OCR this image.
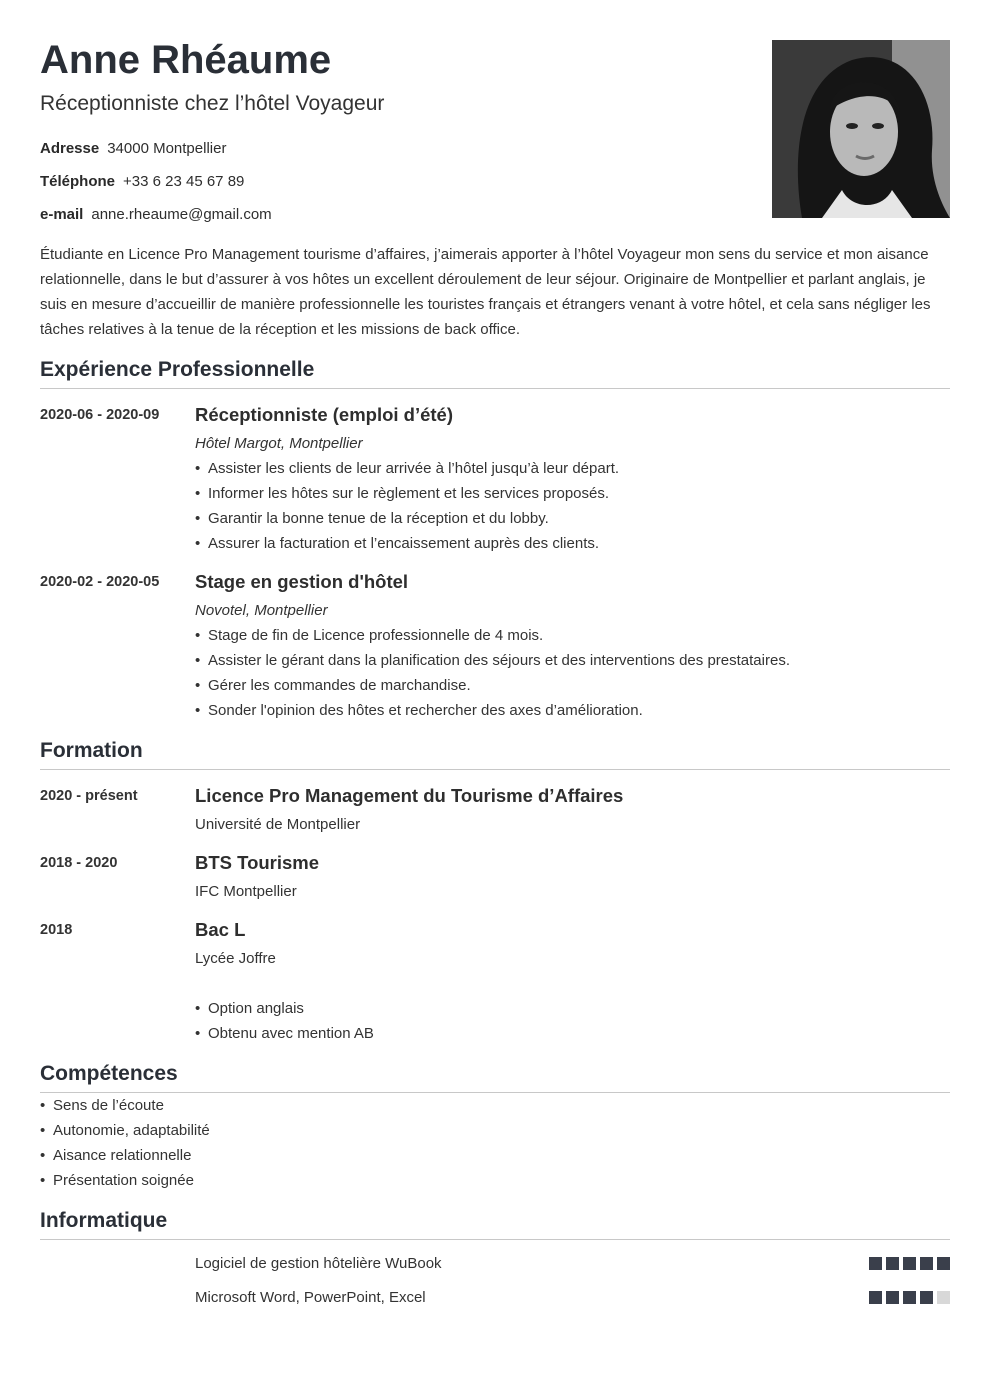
Anne Rhéaume
Réceptionniste chez l’hôtel Voyageur
Adresse 34000 Montpellier
Téléphone +33 6 23 45 67 89
e-mail anne.rheaume@gmail.com
Étudiante en Licence Pro Management tourisme d’affaires, j’aimerais apporter à l’hôtel Voyageur mon sens du service et mon aisance relationnelle, dans le but d’assurer à vos hôtes un excellent déroulement de leur séjour. Originaire de Montpellier et parlant anglais, je suis en mesure d’accueillir de manière professionnelle les touristes français et étrangers venant à votre hôtel, et cela sans négliger les tâches relatives à la tenue de la réception et les missions de back office.
Expérience Professionnelle
2020-06 - 2020-09	Réceptionniste (emploi d’été)
Hôtel Margot, Montpellier
• Assister les clients de leur arrivée à l’hôtel jusqu’à leur départ.
• Informer les hôtes sur le règlement et les services proposés.
• Garantir la bonne tenue de la réception et du lobby.
• Assurer la facturation et l’encaissement auprès des clients.
2020-02 - 2020-05	Stage en gestion d'hôtel
Novotel, Montpellier
• Stage de fin de Licence professionnelle de 4 mois.
• Assister le gérant dans la planification des séjours et des interventions des prestataires.
• Gérer les commandes de marchandise.
• Sonder l'opinion des hôtes et rechercher des axes d’amélioration.
Formation
2020 - présent	Licence Pro Management du Tourisme d’Affaires
Université de Montpellier
2018 - 2020	BTS Tourisme
IFC Montpellier
2018	Bac L
Lycée Joffre
• Option anglais
• Obtenu avec mention AB
Compétences
• Sens de l’écoute
• Autonomie, adaptabilité
• Aisance relationnelle
• Présentation soignée
Informatique
Logiciel de gestion hôtelière WuBook
Microsoft Word, PowerPoint, Excel
